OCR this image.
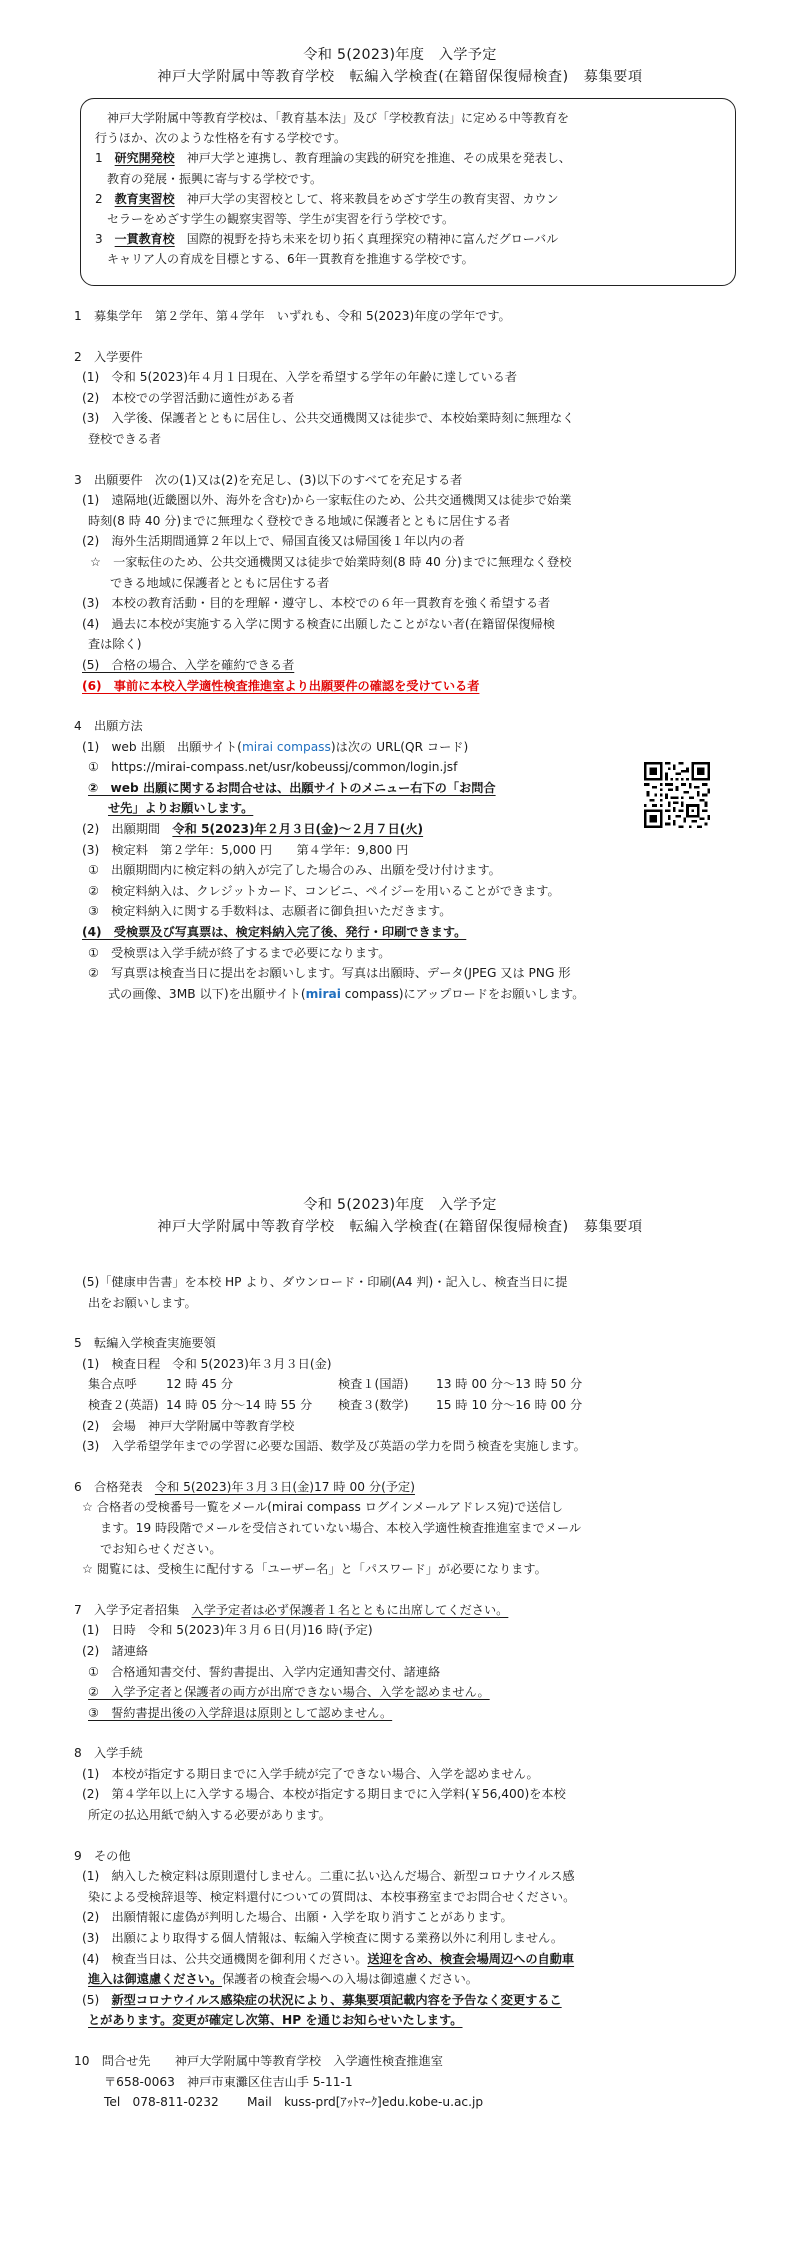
令和 5(2023)年度　入学予定
神戸大学附属中等教育学校　転編入学検査(在籍留保復帰検査)　募集要項
神戸大学附属中等教育学校は、「教育基本法」及び「学校教育法」に定める中等教育を
行うほか、次のような性格を有する学校です。
1　 研究開発校　 神戸大学と連携し、教育理論の実践的研究を推進、その成果を発表し、
教育の発展・振興に寄与する学校です。
2　 教育実習校　 神戸大学の実習校として、将来教員をめざす学生の教育実習、カウン
セラーをめざす学生の観察実習等、学生が実習を行う学校です。
3　 一貫教育校　 国際的視野を持ち未来を切り拓く真理探究の精神に富んだグローバル
キャリア人の育成を目標とする、6年一貫教育を推進する学校です。
1　募集学年　第２学年、第４学年　いずれも、令和 5(2023)年度の学年です。
2　入学要件
(1)　令和 5(2023)年４月１日現在、入学を希望する学年の年齢に達している者
(2)　本校での学習活動に適性がある者
(3)　入学後、保護者とともに居住し、公共交通機関又は徒歩で、本校始業時刻に無理なく
登校できる者
3　出願要件　次の(1)又は(2)を充足し、(3)以下のすべてを充足する者
(1)　遠隔地(近畿圏以外、海外を含む)から一家転住のため、公共交通機関又は徒歩で始業
時刻(8 時 40 分)までに無理なく登校できる地域に保護者とともに居住する者
(2)　海外生活期間通算２年以上で、帰国直後又は帰国後１年以内の者
☆　一家転住のため、公共交通機関又は徒歩で始業時刻(8 時 40 分)までに無理なく登校
できる地域に保護者とともに居住する者
(3)　本校の教育活動・目的を理解・遵守し、本校での６年一貫教育を強く希望する者
(4)　過去に本校が実施する入学に関する検査に出願したことがない者(在籍留保復帰検
査は除く)
(5)　合格の場合、入学を確約できる者
(6)　事前に本校入学適性検査推進室より出願要件の確認を受けている者
4　出願方法
(1)　web 出願　出願サイト(mirai compass)は次の URL(QR コード)
①　https://mirai-compass.net/usr/kobeussj/common/login.jsf
②　web 出願に関するお問合せは、出願サイトのメニュー右下の「お問合
せ先」よりお願いします。
(2)　出願期間　令和 5(2023)年２月３日(金)～２月７日(火)
(3)　検定料　第２学年：5,000 円　　第４学年：9,800 円
①　出願期間内に検定料の納入が完了した場合のみ、出願を受け付けます。
②　検定料納入は、クレジットカード、コンビニ、ペイジーを用いることができます。
③　検定料納入に関する手数料は、志願者に御負担いただきます。
(4)　受検票及び写真票は、検定料納入完了後、発行・印刷できます。
①　受検票は入学手続が終了するまで必要になります。
②　写真票は検査当日に提出をお願いします。写真は出願時、データ(JPEG 又は PNG 形
式の画像、3MB 以下)を出願サイト(mirai compass)にアップロードをお願いします。
令和 5(2023)年度　入学予定
神戸大学附属中等教育学校　転編入学検査(在籍留保復帰検査)　募集要項
(5)「健康申告書」を本校 HP より、ダウンロード・印刷(A4 判)・記入し、検査当日に提
出をお願いします。
5　転編入学検査実施要領
(1)　検査日程　令和 5(2023)年３月３日(金)
集合点呼	12 時 45 分	検査１(国語)	13 時 00 分～13 時 50 分
検査２(英語) 14 時 05 分～14 時 55 分	検査３(数学)	15 時 10 分～16 時 00 分
(2)　会場　神戸大学附属中等教育学校
(3)　入学希望学年までの学習に必要な国語、数学及び英語の学力を問う検査を実施します。
6　合格発表　令和 5(2023)年３月３日(金)17 時 00 分(予定)
☆ 合格者の受検番号一覧をメール(mirai compass ログインメールアドレス宛)で送信し
ます。19 時段階でメールを受信されていない場合、本校入学適性検査推進室までメール
でお知らせください。
☆ 閲覧には、受検生に配付する「ユーザー名」と「パスワード」が必要になります。
7　入学予定者招集　入学予定者は必ず保護者１名とともに出席してください。
(1)　日時　令和 5(2023)年３月６日(月)16 時(予定)
(2)　諸連絡
①　合格通知書交付、誓約書提出、入学内定通知書交付、諸連絡
②　入学予定者と保護者の両方が出席できない場合、入学を認めません。
③　誓約書提出後の入学辞退は原則として認めません。
8　入学手続
(1)　本校が指定する期日までに入学手続が完了できない場合、入学を認めません。
(2)　第４学年以上に入学する場合、本校が指定する期日までに入学料(￥56,400)を本校
所定の払込用紙で納入する必要があります。
9　その他
(1)　納入した検定料は原則還付しません。二重に払い込んだ場合、新型コロナウイルス感
染による受検辞退等、検定料還付についての質問は、本校事務室までお問合せください。
(2)　出願情報に虚偽が判明した場合、出願・入学を取り消すことがあります。
(3)　出願により取得する個人情報は、転編入学検査に関する業務以外に利用しません。
(4)　検査当日は、公共交通機関を御利用ください。送迎を含め、検査会場周辺への自動車
進入は御遠慮ください。保護者の検査会場への入場は御遠慮ください。
(5)　新型コロナウイルス感染症の状況により、募集要項記載内容を予告なく変更するこ
とがあります。変更が確定し次第、HP を通じお知らせいたします。
10　問合せ先　　神戸大学附属中等教育学校　入学適性検査推進室
〒658-0063　神戸市東灘区住吉山手 5-11-1
Tel　078-811-0232　　 Mail　kuss-prd[ｱｯﾄﾏｰｸ]edu.kobe-u.ac.jp
